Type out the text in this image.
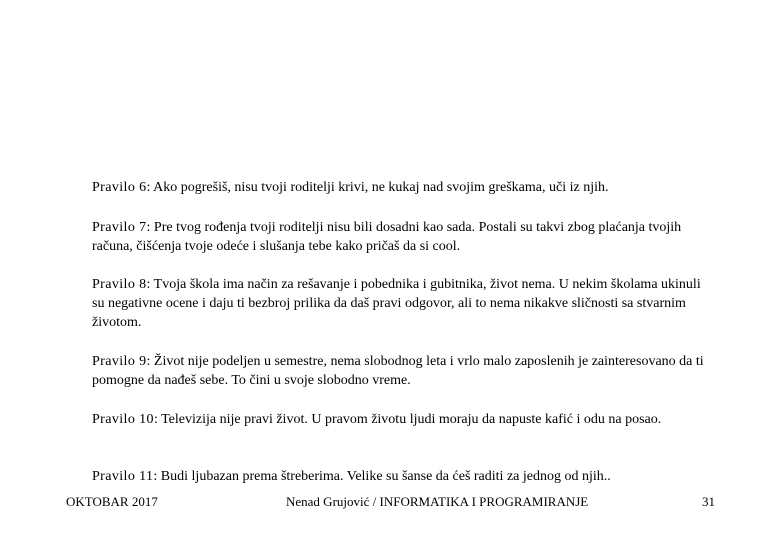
Pravilo 6: Ako pogrešiš, nisu tvoji roditelji krivi, ne kukaj nad svojim greškama, uči iz njih.

Pravilo 7: Pre tvog rođenja tvoji roditelji nisu bili dosadni kao sada. Postali su takvi zbog plaćanja tvojih računa, čišćenja tvoje odeće i slušanja tebe kako pričaš da si cool.

Pravilo 8: Tvoja škola ima način za rešavanje i pobednika i gubitnika, život nema. U nekim školama ukinuli su negativne ocene i daju ti bezbroj prilika da daš pravi odgovor, ali to nema nikakve sličnosti sa stvarnim životom.

Pravilo 9: Život nije podeljen u semestre, nema slobodnog leta i vrlo malo zaposlenih je zainteresovano da ti pomogne da nađeš sebe. To čini u svoje slobodno vreme.

Pravilo 10: Televizija nije pravi život. U pravom životu ljudi moraju da napuste kafić i odu na posao.

Pravilo 11: Budi ljubazan prema štreberima. Velike su šanse da ćeš raditi za jednog od njih..

OKTOBAR 2017	Nenad Grujović / INFORMATIKA I PROGRAMIRANJE	31
